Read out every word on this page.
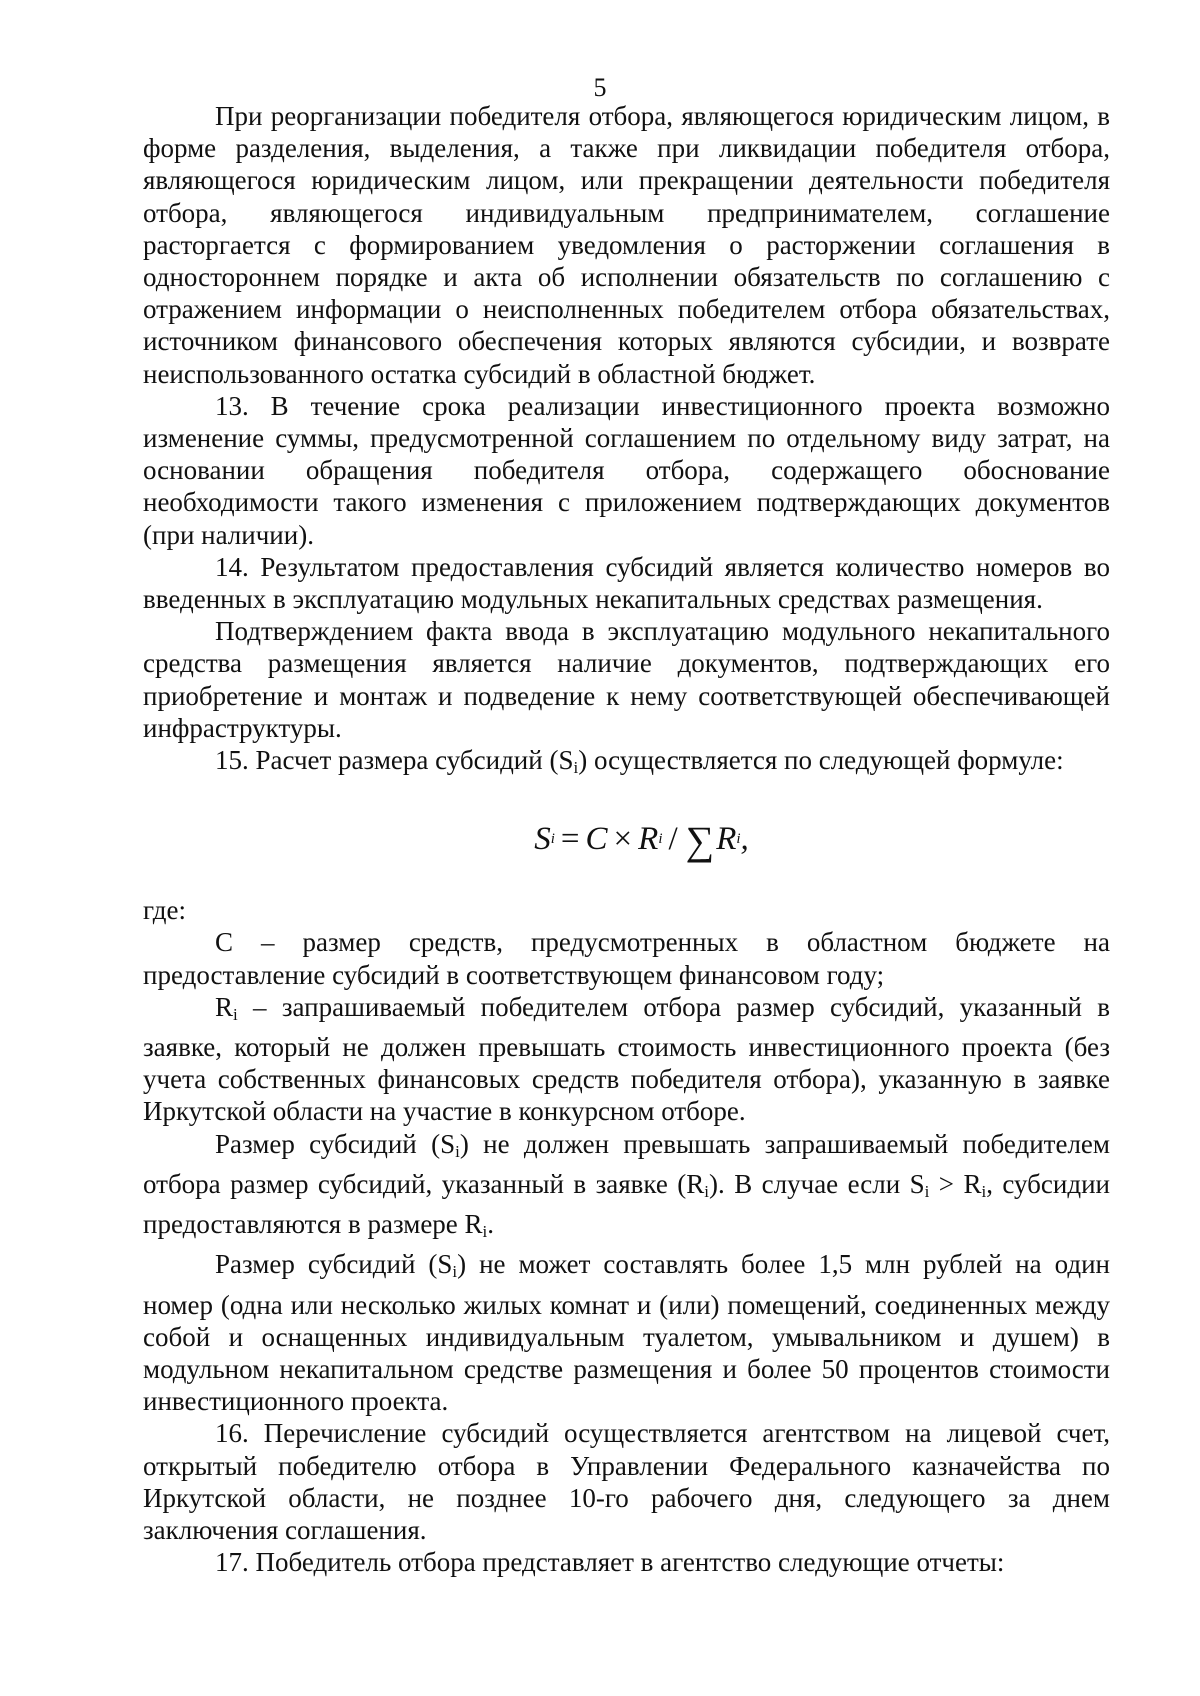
5

При реорганизации победителя отбора, являющегося юридическим лицом, в форме разделения, выделения, а также при ликвидации победителя отбора, являющегося юридическим лицом, или прекращении деятельности победителя отбора, являющегося индивидуальным предпринимателем, соглашение расторгается с формированием уведомления о расторжении соглашения в одностороннем порядке и акта об исполнении обязательств по соглашению с отражением информации о неисполненных победителем отбора обязательствах, источником финансового обеспечения которых являются субсидии, и возврате неиспользованного остатка субсидий в областной бюджет.

13. В течение срока реализации инвестиционного проекта возможно изменение суммы, предусмотренной соглашением по отдельному виду затрат, на основании обращения победителя отбора, содержащего обоснование необходимости такого изменения с приложением подтверждающих документов (при наличии).

14. Результатом предоставления субсидий является количество номеров во введенных в эксплуатацию модульных некапитальных средствах размещения.

Подтверждением факта ввода в эксплуатацию модульного некапитального средства размещения является наличие документов, подтверждающих его приобретение и монтаж и подведение к нему соответствующей обеспечивающей инфраструктуры.

15. Расчет размера субсидий $(S_i)$ осуществляется по следующей формуле:

S i = C × R i / ∑ R i ,

где:

C – размер средств, предусмотренных в областном бюджете на предоставление субсидий в соответствующем финансовом году;

$R_i$ – запрашиваемый победителем отбора размер субсидий, указанный в заявке, который не должен превышать стоимость инвестиционного проекта (без учета собственных финансовых средств победителя отбора), указанную в заявке Иркутской области на участие в конкурсном отборе.

Размер субсидий $(S_i)$ не должен превышать запрашиваемый победителем отбора размер субсидий, указанный в заявке $(R_i)$. В случае если $S_i > R_i$, субсидии предоставляются в размере $R_i$.

Размер субсидий $(S_i)$ не может составлять более 1,5 млн рублей на один номер (одна или несколько жилых комнат и (или) помещений, соединенных между собой и оснащенных индивидуальным туалетом, умывальником и душем) в модульном некапитальном средстве размещения и более 50 процентов стоимости инвестиционного проекта.

16. Перечисление субсидий осуществляется агентством на лицевой счет, открытый победителю отбора в Управлении Федерального казначейства по Иркутской области, не позднее 10-го рабочего дня, следующего за днем заключения соглашения.

17. Победитель отбора представляет в агентство следующие отчеты:
